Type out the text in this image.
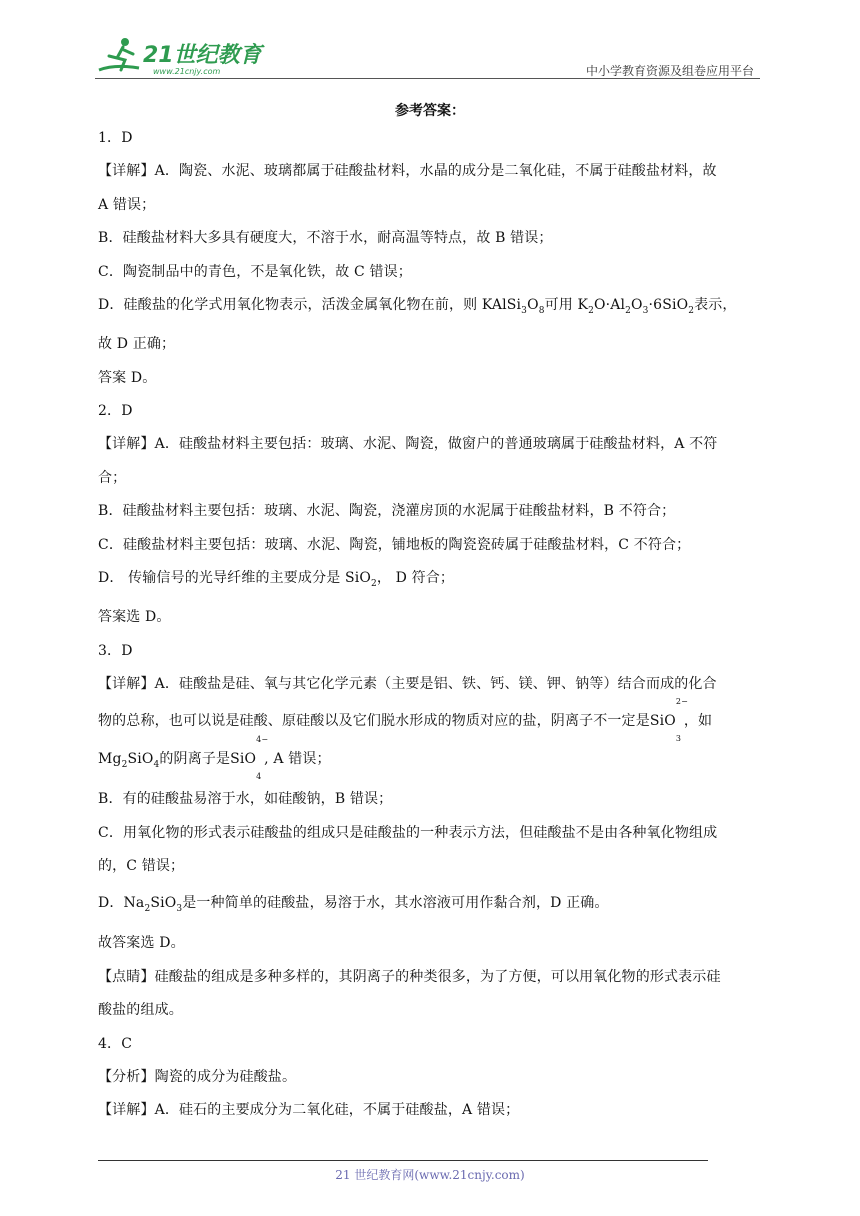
21世纪教育
www.21cnjy.com	中小学教育资源及组卷应用平台
参考答案：
1．D
【详解】A．陶瓷、水泥、玻璃都属于硅酸盐材料，水晶的成分是二氧化硅，不属于硅酸盐材料，故
A 错误；
B．硅酸盐材料大多具有硬度大，不溶于水，耐高温等特点，故 B 错误；
C．陶瓷制品中的青色，不是氧化铁，故 C 错误；
D．硅酸盐的化学式用氧化物表示，活泼金属氧化物在前，则 $KAlSi_3O_8$可用 $K_2O\cdot Al_2O_3\cdot 6SiO_2$表示，
故 D 正确；
答案 D。
2．D
【详解】A．硅酸盐材料主要包括：玻璃、水泥、陶瓷，做窗户的普通玻璃属于硅酸盐材料，A 不符
合；
B．硅酸盐材料主要包括：玻璃、水泥、陶瓷，浇灌房顶的水泥属于硅酸盐材料，B 不符合；
C．硅酸盐材料主要包括：玻璃、水泥、陶瓷，铺地板的陶瓷瓷砖属于硅酸盐材料，C 不符合；
D． 传输信号的光导纤维的主要成分是 SiO$_2$， D 符合；
答案选 D。
3．D
【详解】A．硅酸盐是硅、氧与其它化学元素（主要是铝、铁、钙、镁、钾、钠等）结合而成的化合
物的总称，也可以说是硅酸、原硅酸以及它们脱水形成的物质对应的盐，阴离子不一定是SiO
2−
3
，如
$Mg_2SiO_4$的阴离子是SiO
4−
4
, A 错误；
B．有的硅酸盐易溶于水，如硅酸钠，B 错误；
C．用氧化物的形式表示硅酸盐的组成只是硅酸盐的一种表示方法，但硅酸盐不是由各种氧化物组成
的，C 错误；
D．$Na_2SiO_3$是一种简单的硅酸盐，易溶于水，其水溶液可用作黏合剂，D 正确。
故答案选 D。
【点睛】硅酸盐的组成是多种多样的，其阴离子的种类很多，为了方便，可以用氧化物的形式表示硅
酸盐的组成。
4．C
【分析】陶瓷的成分为硅酸盐。
【详解】A．硅石的主要成分为二氧化硅，不属于硅酸盐，A 错误；
21 世纪教育网(www.21cnjy.com)
